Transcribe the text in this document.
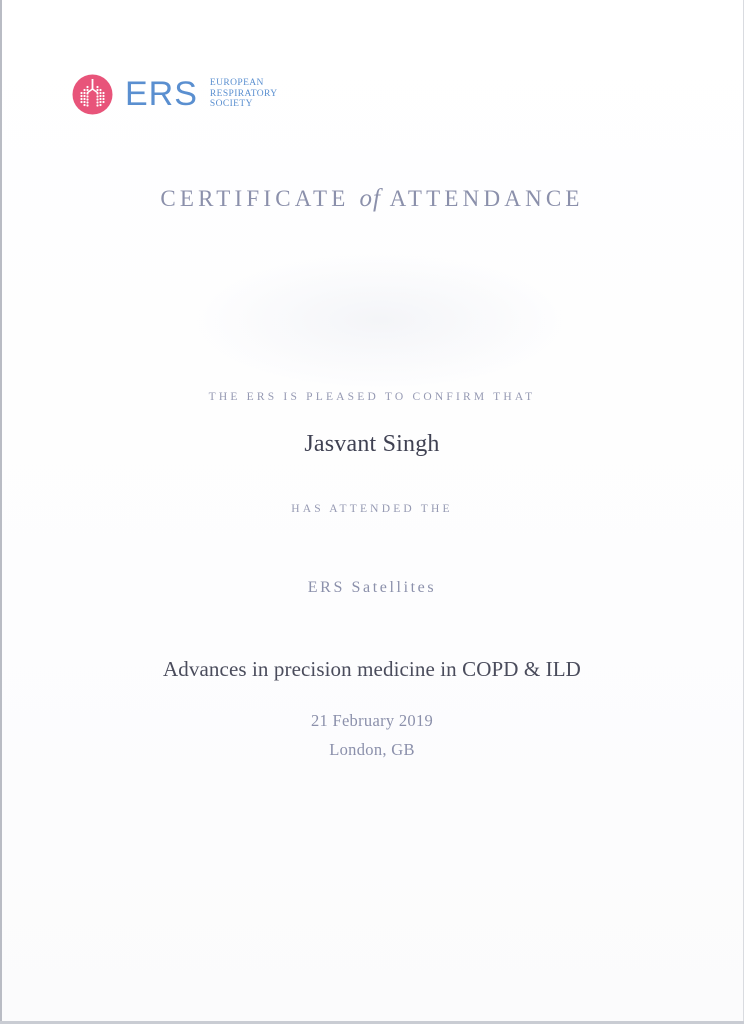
ERS EUROPEAN
RESPIRATORY
SOCIETY
CERTIFICATE of ATTENDANCE
THE ERS IS PLEASED TO CONFIRM THAT
Jasvant Singh
HAS ATTENDED THE
ERS Satellites
Advances in precision medicine in COPD & ILD
21 February 2019
London, GB
